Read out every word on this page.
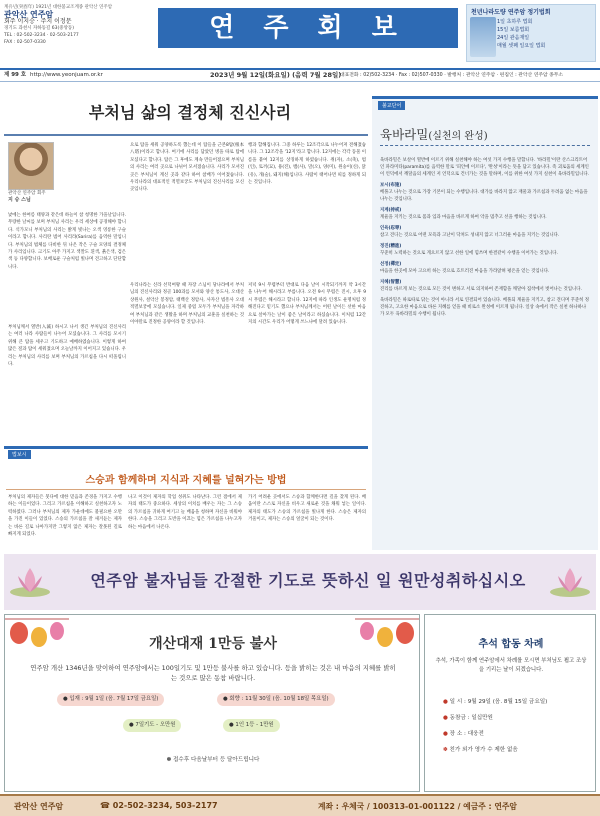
계유년(癸酉年) 1921년 대한불교조계종 관악산 연주암
관악산 연주암
회주 이지승 · 주지 이정문
경기도 과천시 자하동길 63(중앙동)
TEL : 02-502-3234 · 02-503-2177
FAX : 02-507-0330	연 주 회 보
천년나라도량 연주암 정기법회
1일 초하루 법회
15일 보름법회
24일 관음재일
매월 셋째 일요일 법회
제 99 호 http://www.yeonjuam.or.kr	2023년 9월 12일(화요일) (음력 7월 28일)
대표전화 : 02)502-3234 · Fax : 02)507-0330 · 발행처 : 관악산 연주암 · 편집인 : 관악산 연주암 종무소
부처님 삶의 결정체 진신사리
관악산 연주암 회주
지 승 스님
낯에는 한여름 태양과 같은데 하늘이 참 청명한 가을날입니다. 무량한 날씨를 보며 부처님 사리는 우리 세상에 공경해야 합니다. 석가모니 부처님의 사리는 밝게 빛나는 오색 영롱한 구슬이라고 합니다. 사리란 범어 사리라(Sarira)를 음역한 말입니다. 부처님의 법체를 다비한 뒤 나온 작은 구슬 모양의 결정체가 사리입니다. 크기도 아주 가지고 색깔도 흰색, 붉은색, 검은색 등 다양합니다. 보배로운 구슬처럼 빛나며 견고하고 단단합니다.
부처님께서 열반(入滅) 하시고 나서 생긴 부처님의 진신사리는 여러 나라 사람들이 나누어 모셨습니다. 그 사리를 모시기 위해 큰 탑을 세우고 기도하고 예배하였습니다. 이렇게 하여 많은 절과 탑이 세워졌으며 오늘날까지 이어지고 있습니다. 우리는 부처님의 사리를 보며 부처님의 가르침을 다시 떠올립니다.
으로 탑을 세워 공양하도록 했는데 이 탑들을 근본8탑(根本八塔)이라고 합니다. 여기에 사리를 담았던 병을 따로 탑에 모셨다고 합니다. 탑은 그 후에도 계속 만들어졌으며 부처님의 사리는 여러 곳으로 나뉘어 모셔졌습니다. 사리가 모셔진 곳은 부처님이 계신 곳과 같다 하여 참배가 이어졌습니다. 우리나라의 대표적인 적멸보궁도 부처님의 진신사리를 모신 곳입니다.
우리나라는 신라 선덕여왕 때 자장 스님이 당나라에서 부처님의 진신사리와 정골 100과를 모셔와 양산 통도사, 오대산 상원사, 설악산 봉정암, 태백산 정암사, 사자산 법흥사 오대 적멸보궁에 모셨습니다. 일제 중엽 모두가 부처님을 자각하여 부처님과 같은 생활을 하며 부처님의 교훈을 실천하는 것이야말로 진정한 공양이라 할 것입니다.
행과 합해집니다. 그중 하루는 12조각으로 나누어져 전해졌습니다. 그 12조각을 '12지'라고 합니다. 12지에는 각각 동물 이름을 붙여 12지를 상징하게 하였습니다. 쥐(자), 소(축), 범(인), 토끼(묘), 용(진), 뱀(사), 말(오), 양(미), 원숭이(신), 닭(유), 개(술), 돼지(해)입니다. 사람이 태어나면 띠를 정하게 되는 것입니다.
저녁 9시 무렵부터 반대로 다음 날이 시작되기까지 약 3시간을 나누어 해시라고 부릅니다. 오전 9시 무렵은 진시, 오후 9시 무렵은 해시라고 합니다. 12지에 따라 인생도 운명처럼 정해진다고 믿기도 했으나 부처님께서는 어떤 날이든 선한 마음으로 살아가는 날이 좋은 날이라고 하셨습니다. 이처럼 12간지의 시간도 우리가 어떻게 쓰느냐에 달려 있습니다.
법보시
스승과 함께하며 지식과 지혜를 널혀가는 방법
부처님의 제자들은 붓다에 대한 믿음과 존경을 가지고 수행하는 이들이었다. 그리고 가르침을 이해하고 실천하고자 노력하였다. 그러나 부처님의 제자 가운데에도 불필요한 오만을 가진 이들이 있었다. 스승의 가르침을 잘 새겨듣는 제자는 바른 길로 나아가지만 그렇지 않은 제자는 잘못된 길로 빠지게 되었다.
나고 이것이 제자의 학업 성취도 나타난다. 그런 점에서 제자의 태도가 중요하다. 세상의 이치를 배우는 자는 그 스승의 가르침을 귀하게 여기고 늘 배움을 청하며 자신을 비워야 한다. 스승을 그리고 도반을 이끄는 힘은 가르침을 나누고자 하는 마음에서 나온다.
가기 어려운 곳에서도 스승과 함께한다면 길을 찾게 된다. 배움이란 스스로 자신을 비우고 새로운 것을 채워 넣는 일이다. 제자의 태도가 스승의 가르침을 빛나게 한다. 스승은 제자의 거울이고, 제자는 스승의 얼굴이 되는 것이다.
불교단어
육바라밀(실천의 완성)

육바라밀은 보살이 열반에 이르기 위해 실천해야 하는 여섯 가지 수행을 말합니다. '바라밀'이란 산스크리트어인 파라미타(paramita)를 음역한 말로 '피안에 이르다', '완성'이라는 뜻을 담고 있습니다. 즉 괴로움의 세계인 이 언덕에서 깨달음의 세계인 저 언덕으로 건너가는 것을 말하며, 이를 위한 여섯 가지 실천이 육바라밀입니다.

보시(布施)

베풀고 나누는 것으로 가장 기본이 되는 수행입니다. 대가를 바라지 않고 재물과 가르침과 두려움 없는 마음을 나누는 것입니다.

지계(持戒)

계율을 지키는 것으로 몸과 입과 마음을 바르게 하여 악을 멈추고 선을 행하는 것입니다.

인욕(忍辱)

참고 견디는 것으로 어떤 모욕과 고난이 닥쳐도 성내지 않고 너그러운 마음을 지키는 것입니다.

정진(精進)

꾸준히 노력하는 것으로 게으르지 않고 선한 일에 힘쓰며 한결같이 수행을 이어가는 것입니다.

선정(禪定)

마음을 한곳에 모아 고요히 하는 것으로 흐트러진 마음을 가라앉혀 평온을 얻는 것입니다.

지혜(智慧)

진리를 바르게 보는 것으로 모든 것이 변하고 서로 의지하여 존재함을 깨달아 집착에서 벗어나는 것입니다.

육바라밀은 따로따로 닦는 것이 아니라 서로 연결되어 있습니다. 베풀되 계율을 지키고, 참고 견디며 꾸준히 정진하고, 고요한 마음으로 바른 지혜를 얻을 때 비로소 완성에 이르게 됩니다. 일상 속에서 작은 실천 하나하나가 모두 육바라밀의 수행이 됩니다.

연주암 불자님들 간절한 기도로 뜻하신 일 원만성취하십시오
개산대재 1만등 불사
연주암 개산 1346년을 맞이하여 연주암에서는 100일기도 및 1만등 불사를 하고 있습니다. 등을 밝히는 것은 내 마음의 지혜를 밝히는 것으로 많은 동참 바랍니다.
● 입재 : 9월 1일 (음. 7월 17일 금요일)	● 회향 : 11월 30일 (음. 10월 18일 목요일)
● 7일기도 - 오만원	● 1인 1등 - 1만원
✽ 접수후 다음날부터 등 달아드립니다
추석 합동 차례
추석, 가족이 함께 연주암에서 차례를 모시면 부처님도 뵙고 조상을 기리는 날이 되겠습니다.
● 일 시 : 9월 29일 (음. 8월 15일 금요일)
● 동참금 : 일십만원
● 장 소 : 대웅전
✽ 친가 외가 영가 수 제한 없음
관악산 연주암	☎ 02-502-3234, 503-2177	계좌 : 우체국 / 100313-01-001122 / 예금주 : 연주암
